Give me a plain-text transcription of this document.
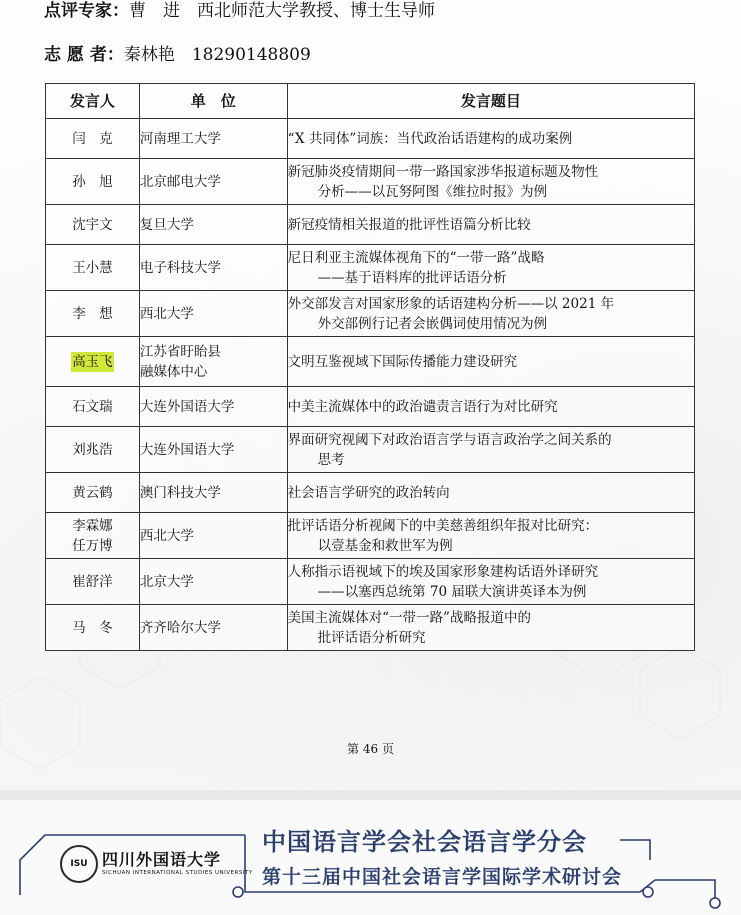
点评专家：曹　进　西北师范大学教授、博士生导师
志 愿 者：秦林艳　18290148809
发言人	单　位	发言题目

闫　克	河南理工大学	“X 共同体”词族：当代政治话语建构的成功案例

孙　旭	北京邮电大学	新冠肺炎疫情期间一带一路国家涉华报道标题及物性
分析——以瓦努阿图《维拉时报》为例

沈宇文	复旦大学	新冠疫情相关报道的批评性语篇分析比较

王小慧	电子科技大学	尼日利亚主流媒体视角下的“一带一路”战略
——基于语料库的批评话语分析

李　想	西北大学	外交部发言对国家形象的话语建构分析——以 2021 年
外交部例行记者会嵌偶词使用情况为例

高玉飞	江苏省盱眙县
融媒体中心	文明互鉴视域下国际传播能力建设研究

石文瑞	大连外国语大学	中美主流媒体中的政治谴责言语行为对比研究

刘兆浩	大连外国语大学	界面研究视阈下对政治语言学与语言政治学之间关系的
思考

黄云鹤	澳门科技大学	社会语言学研究的政治转向

李霖娜
任万博	西北大学	批评话语分析视阈下的中美慈善组织年报对比研究：
以壹基金和救世军为例

崔舒洋	北京大学	人称指示语视域下的埃及国家形象建构话语外译研究
——以塞西总统第 70 届联大演讲英译本为例

马　冬	齐齐哈尔大学	美国主流媒体对“一带一路”战略报道中的
批评话语分析研究
第 46 页
ISU 四川外国语大学
SICHUAN INTERNATIONAL STUDIES UNIVERSITY
中国语言学会社会语言学分会
第十三届中国社会语言学国际学术研讨会
